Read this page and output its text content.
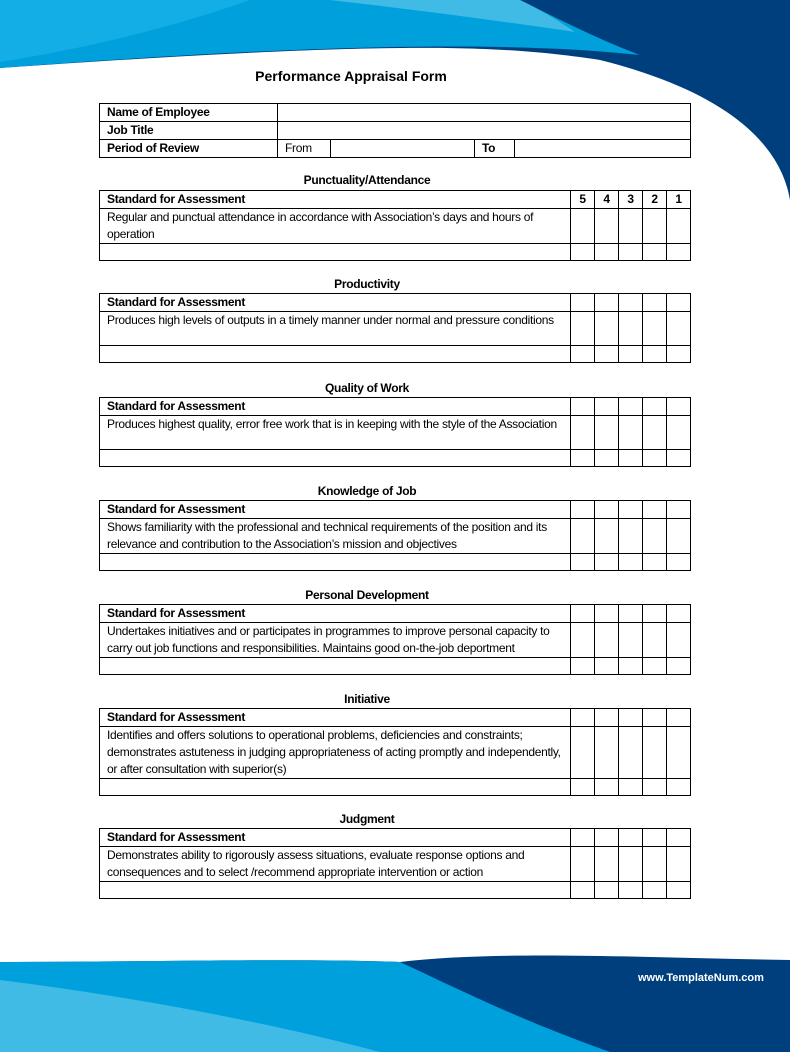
www.TemplateNum.com
Performance Appraisal Form
Name of Employee				
Job Title				
Period of Review	From		To	
Punctuality/Attendance
Standard for Assessment	5	4	3	2	1
Regular and punctual attendance in accordance with Association’s days and hours of operation					

Productivity
Standard for Assessment					
Produces high levels of outputs in a timely manner under normal and pressure conditions					

Quality of Work
Standard for Assessment					
Produces highest quality, error free work that is in keeping with the style of the Association					

Knowledge of Job
Standard for Assessment					
Shows familiarity with the professional and technical requirements of the position and its relevance and contribution to the Association’s mission and objectives					

Personal Development
Standard for Assessment					
Undertakes initiatives and or participates in programmes to improve personal capacity to carry out job functions and responsibilities. Maintains good on-the-job deportment					

Initiative
Standard for Assessment					
Identifies and offers solutions to operational problems, deficiencies and constraints; demonstrates astuteness in judging appropriateness of acting promptly and independently, or after consultation with superior(s)					

Judgment
Standard for Assessment					
Demonstrates ability to rigorously assess situations, evaluate response options and consequences and to select /recommend appropriate intervention or action					
